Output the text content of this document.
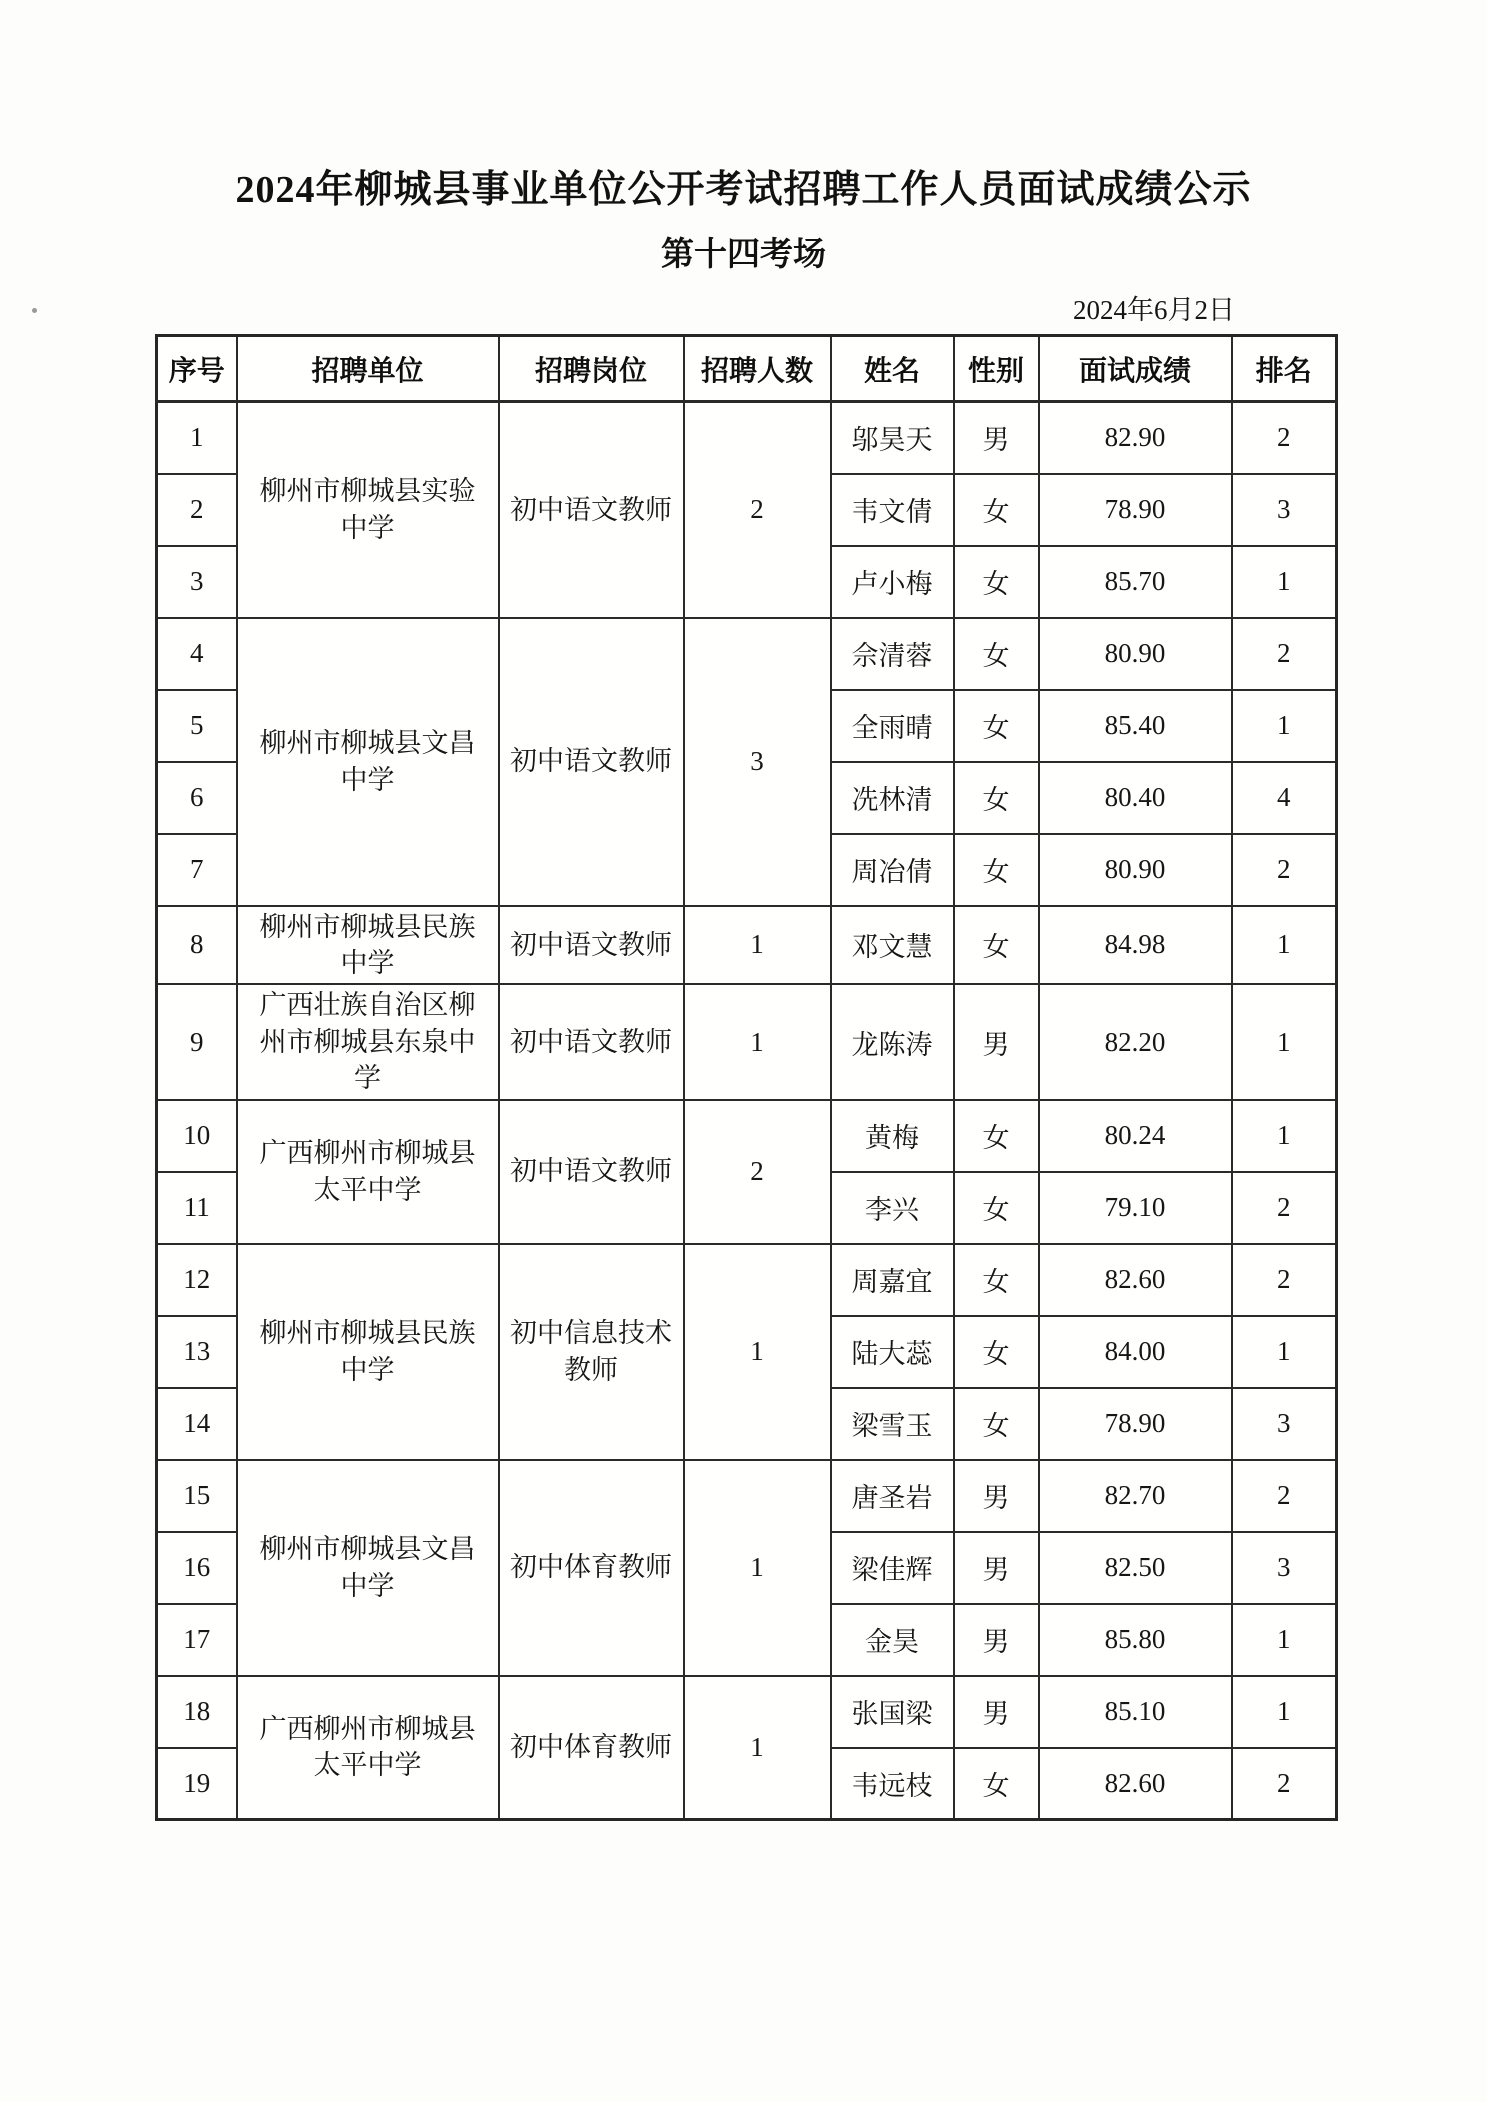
2024年柳城县事业单位公开考试招聘工作人员面试成绩公示
第十四考场
2024年6月2日
序号	招聘单位	招聘岗位	招聘人数	姓名	性别	面试成绩	排名
1	柳州市柳城县实验中学	初中语文教师	2	邬昊天	男	82.90	2
2				韦文倩	女	78.90	3
3				卢小梅	女	85.70	1
4	柳州市柳城县文昌中学	初中语文教师	3	佘清蓉	女	80.90	2
5				全雨晴	女	85.40	1
6				冼林清	女	80.40	4
7				周冶倩	女	80.90	2
8	柳州市柳城县民族中学	初中语文教师	1	邓文慧	女	84.98	1
9	广西壮族自治区柳州市柳城县东泉中学	初中语文教师	1	龙陈涛	男	82.20	1
10	广西柳州市柳城县太平中学	初中语文教师	2	黄梅	女	80.24	1
11				李兴	女	79.10	2
12	柳州市柳城县民族中学	初中信息技术教师	1	周嘉宜	女	82.60	2
13				陆大蕊	女	84.00	1
14				梁雪玉	女	78.90	3
15	柳州市柳城县文昌中学	初中体育教师	1	唐圣岩	男	82.70	2
16				梁佳辉	男	82.50	3
17				金昊	男	85.80	1
18	广西柳州市柳城县太平中学	初中体育教师	1	张国梁	男	85.10	1
19				韦远枝	女	82.60	2
